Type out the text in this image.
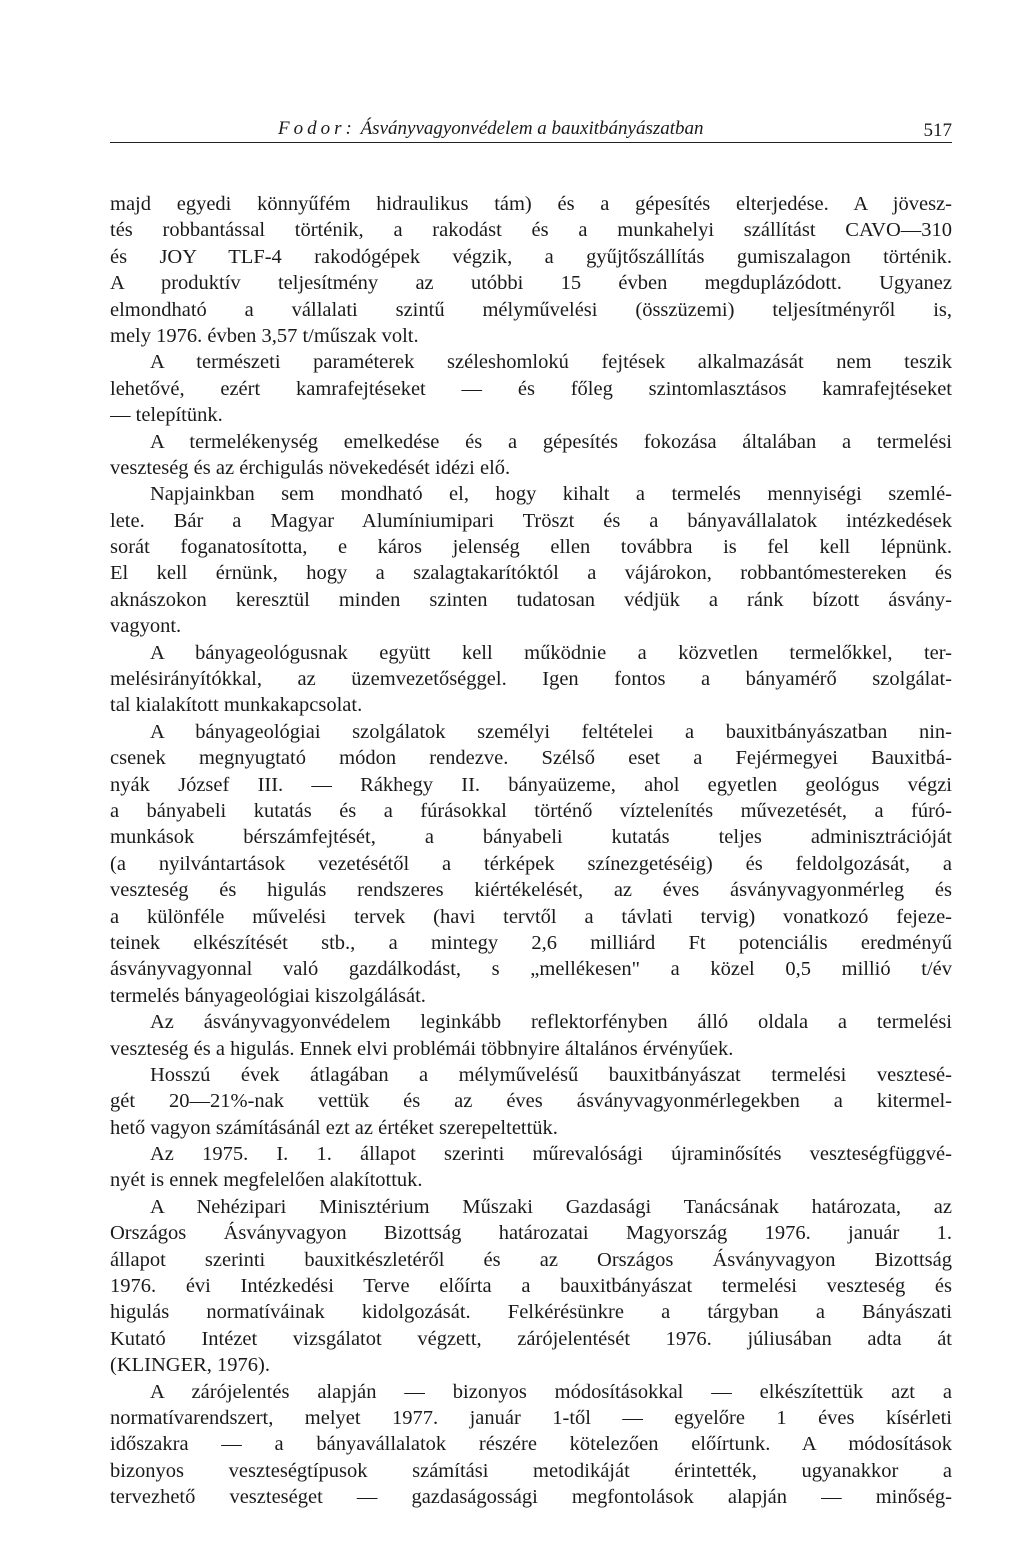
Fodor: Ásványvagyonvédelem a bauxitbányászatban	517
majd egyedi könnyűfém hidraulikus tám) és a gépesítés elterjedése. A jövesz-
tés robbantással történik, a rakodást és a munkahelyi szállítást CAVO—310
és JOY TLF-4 rakodógépek végzik, a gyűjtőszállítás gumiszalagon történik.
A produktív teljesítmény az utóbbi 15 évben megduplázódott. Ugyanez
elmondható a vállalati szintű mélyművelési (összüzemi) teljesítményről is,
mely 1976. évben 3,57 t/műszak volt.
A természeti paraméterek széleshomlokú fejtések alkalmazását nem teszik
lehetővé, ezért kamrafejtéseket — és főleg szintomlasztásos kamrafejtéseket
— telepítünk.
A termelékenység emelkedése és a gépesítés fokozása általában a termelési
veszteség és az érchigulás növekedését idézi elő.
Napjainkban sem mondható el, hogy kihalt a termelés mennyiségi szemlé-
lete. Bár a Magyar Alumíniumipari Tröszt és a bányavállalatok intézkedések
sorát foganatosította, e káros jelenség ellen továbbra is fel kell lépnünk.
El kell érnünk, hogy a szalagtakarítóktól a vájárokon, robbantómestereken és
aknászokon keresztül minden szinten tudatosan védjük a ránk bízott ásvány-
vagyont.
A bányageológusnak együtt kell működnie a közvetlen termelőkkel, ter-
melésirányítókkal, az üzemvezetőséggel. Igen fontos a bányamérő szolgálat-
tal kialakított munkakapcsolat.
A bányageológiai szolgálatok személyi feltételei a bauxitbányászatban nin-
csenek megnyugtató módon rendezve. Szélső eset a Fejérmegyei Bauxitbá-
nyák József III. — Rákhegy II. bányaüzeme, ahol egyetlen geológus végzi
a bányabeli kutatás és a fúrásokkal történő víztelenítés művezetését, a fúró-
munkások bérszámfejtését, a bányabeli kutatás teljes adminisztrációját
(a nyilvántartások vezetésétől a térképek színezgetéséig) és feldolgozását, a
veszteség és higulás rendszeres kiértékelését, az éves ásványvagyonmérleg és
a különféle művelési tervek (havi tervtől a távlati tervig) vonatkozó fejeze-
teinek elkészítését stb., a mintegy 2,6 milliárd Ft potenciális eredményű
ásványvagyonnal való gazdálkodást, s „mellékesen" a közel 0,5 millió t/év
termelés bányageológiai kiszolgálását.
Az ásványvagyonvédelem leginkább reflektorfényben álló oldala a termelési
veszteség és a higulás. Ennek elvi problémái többnyire általános érvényűek.
Hosszú évek átlagában a mélyművelésű bauxitbányászat termelési vesztesé-
gét 20—21%-nak vettük és az éves ásványvagyonmérlegekben a kitermel-
hető vagyon számításánál ezt az értéket szerepeltettük.
Az 1975. I. 1. állapot szerinti műrevalósági újraminősítés veszteségfüggvé-
nyét is ennek megfelelően alakítottuk.
A Nehézipari Minisztérium Műszaki Gazdasági Tanácsának határozata, az
Országos Ásványvagyon Bizottság határozatai Magyország 1976. január 1.
állapot szerinti bauxitkészletéről és az Országos Ásványvagyon Bizottság
1976. évi Intézkedési Terve előírta a bauxitbányászat termelési veszteség és
higulás normatíváinak kidolgozását. Felkérésünkre a tárgyban a Bányászati
Kutató Intézet vizsgálatot végzett, zárójelentését 1976. júliusában adta át
(KLINGER, 1976).
A zárójelentés alapján — bizonyos módosításokkal — elkészítettük azt a
normatívarendszert, melyet 1977. január 1-től — egyelőre 1 éves kísérleti
időszakra — a bányavállalatok részére kötelezően előírtunk. A módosítások
bizonyos veszteségtípusok számítási metodikáját érintették, ugyanakkor a
tervezhető veszteséget — gazdaságossági megfontolások alapján — minőség-
